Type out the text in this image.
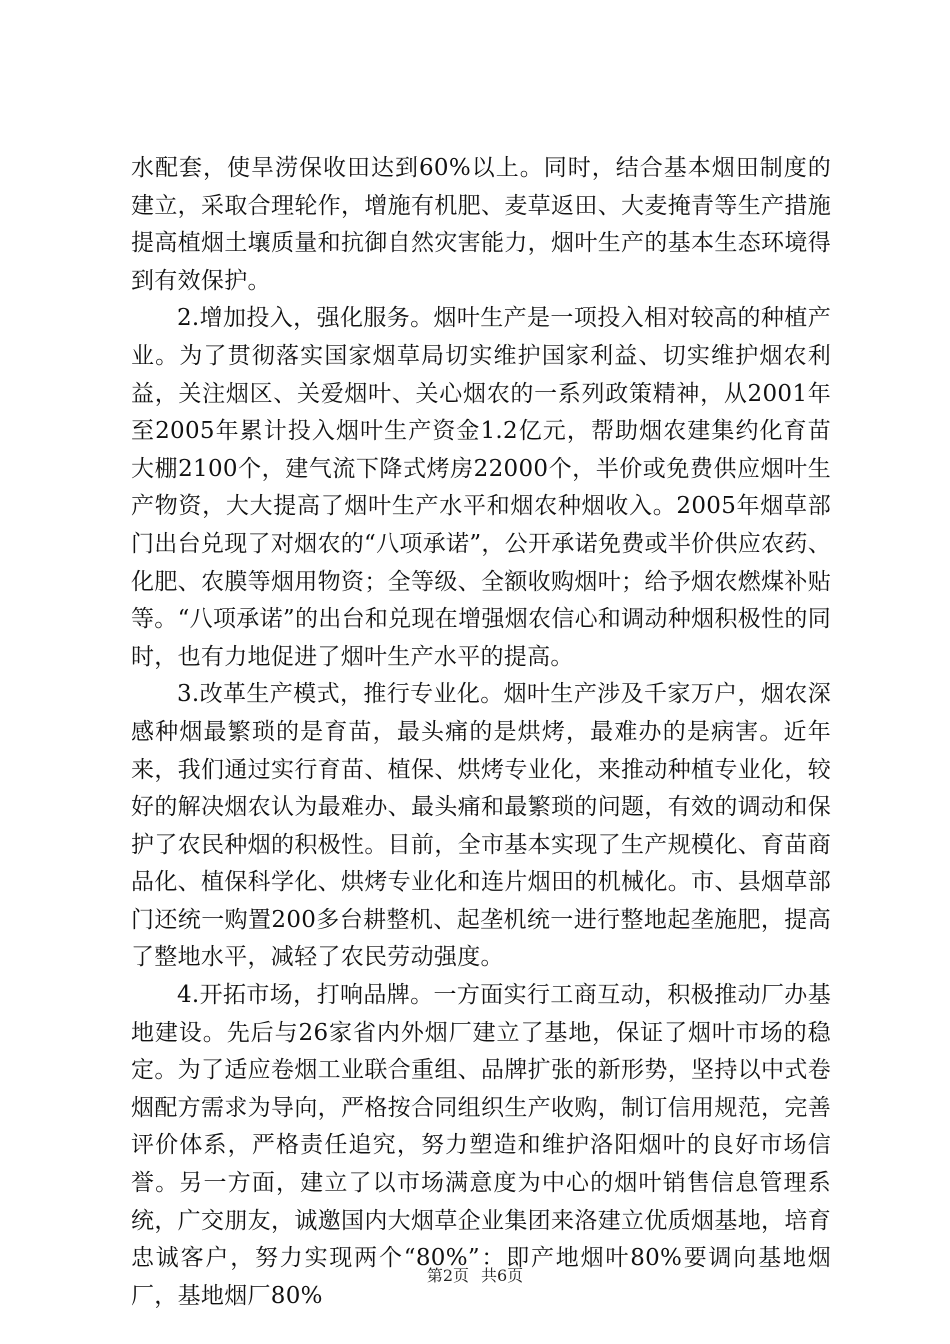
水配套，使旱涝保收田达到60%以上。同时，结合基本烟田制度的建立，采取合理轮作，增施有机肥、麦草返田、大麦掩青等生产措施提高植烟土壤质量和抗御自然灾害能力，烟叶生产的基本生态环境得到有效保护。

2.增加投入，强化服务。烟叶生产是一项投入相对较高的种植产业。为了贯彻落实国家烟草局切实维护国家利益、切实维护烟农利益，关注烟区、关爱烟叶、关心烟农的一系列政策精神，从2001年至2005年累计投入烟叶生产资金1.2亿元，帮助烟农建集约化育苗大棚2100个，建气流下降式烤房22000个，半价或免费供应烟叶生产物资，大大提高了烟叶生产水平和烟农种烟收入。2005年烟草部门出台兑现了对烟农的“八项承诺”，公开承诺免费或半价供应农药、化肥、农膜等烟用物资；全等级、全额收购烟叶；给予烟农燃煤补贴等。“八项承诺”的出台和兑现在增强烟农信心和调动种烟积极性的同时，也有力地促进了烟叶生产水平的提高。

3.改革生产模式，推行专业化。烟叶生产涉及千家万户，烟农深感种烟最繁琐的是育苗，最头痛的是烘烤，最难办的是病害。近年来，我们通过实行育苗、植保、烘烤专业化，来推动种植专业化，较好的解决烟农认为最难办、最头痛和最繁琐的问题，有效的调动和保护了农民种烟的积极性。目前，全市基本实现了生产规模化、育苗商品化、植保科学化、烘烤专业化和连片烟田的机械化。市、县烟草部门还统一购置200多台耕整机、起垄机统一进行整地起垄施肥，提高了整地水平，减轻了农民劳动强度。

4.开拓市场，打响品牌。一方面实行工商互动，积极推动厂办基地建设。先后与26家省内外烟厂建立了基地，保证了烟叶市场的稳定。为了适应卷烟工业联合重组、品牌扩张的新形势，坚持以中式卷烟配方需求为导向，严格按合同组织生产收购，制订信用规范，完善评价体系，严格责任追究，努力塑造和维护洛阳烟叶的良好市场信誉。另一方面，建立了以市场满意度为中心的烟叶销售信息管理系统，广交朋友，诚邀国内大烟草企业集团来洛建立优质烟基地，培育忠诚客户，努力实现两个“80%”：即产地烟叶80%要调向基地烟厂，基地烟厂80%

第2页 共6页
